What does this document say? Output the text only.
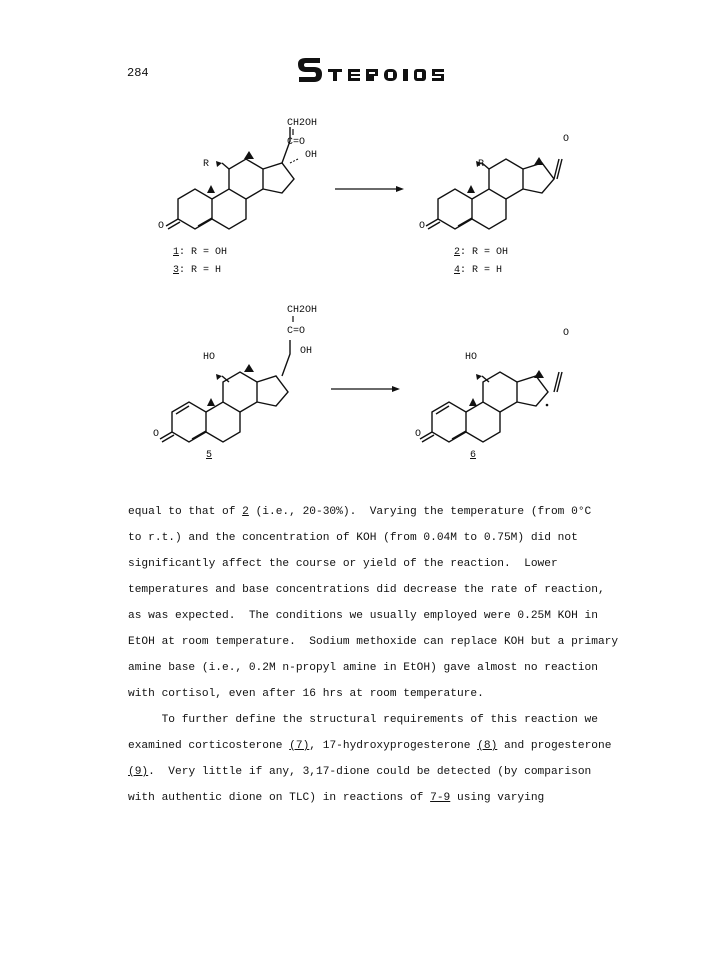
284
STEROIDS
R
CH2OH
C=O
OH
O
R
O
O
1: R = OH
3: R = H
2: R = OH
4: R = H
HO
CH2OH
C=O
OH
O
HO
O
O
5	6

equal to that of 2 (i.e., 20-30%).  Varying the temperature (from 0°C

to r.t.) and the concentration of KOH (from 0.04M to 0.75M) did not

significantly affect the course or yield of the reaction.  Lower

temperatures and base concentrations did decrease the rate of reaction,

as was expected.  The conditions we usually employed were 0.25M KOH in

EtOH at room temperature.  Sodium methoxide can replace KOH but a primary

amine base (i.e., 0.2M n-propyl amine in EtOH) gave almost no reaction

with cortisol, even after 16 hrs at room temperature.

To further define the structural requirements of this reaction we

examined corticosterone (7), 17-hydroxyprogesterone (8) and progesterone

(9).  Very little if any, 3,17-dione could be detected (by comparison

with authentic dione on TLC) in reactions of 7-9 using varying
